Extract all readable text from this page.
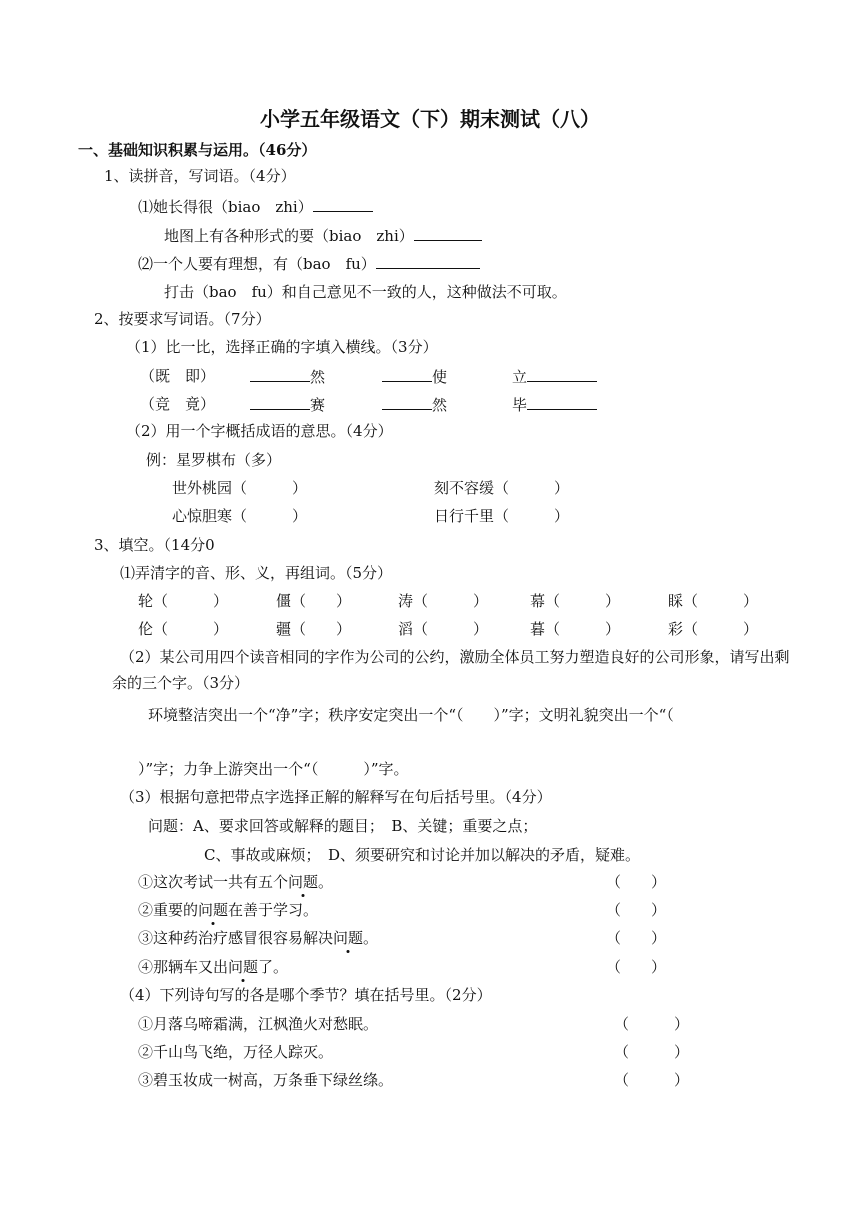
小学五年级语文（下）期末测试（八）
一、基础知识积累与运用。（46分）
1、读拼音，写词语。（4分）
⑴她长得很（biao　zhi）
地图上有各种形式的要（biao　zhi）
⑵一个人要有理想，有（bao　fu）
打击（bao　fu）和自己意见不一致的人，这种做法不可取。
2、按要求写词语。（7分）
（1）比一比，选择正确的字填入横线。（3分）
（既　即）	然	使	立
（竞　竟）	赛	然	毕
（2）用一个字概括成语的意思。（4分）
例：星罗棋布（多）
世外桃园（　　　）	刻不容缓（　　　）
心惊胆寒（　　　）	日行千里（　　　）
3、填空。（14分0
⑴弄清字的音、形、义，再组词。（5分）
轮（　　　）	僵（　　）	涛（　　　）	幕（　　　）	睬（　　　）
伦（　　　）	疆（　　）	滔（　　　）	暮（　　　）	彩（　　　）
（2）某公司用四个读音相同的字作为公司的公约，激励全体员工努力塑造良好的公司形象，请写出剩余的三个字。（3分）
环境整洁突出一个“净”字；秩序安定突出一个“（　　）”字；文明礼貌突出一个“（
）”字；力争上游突出一个“（　　　）”字。
（3）根据句意把带点字选择正解的解释写在句后括号里。（4分）
问题：A、要求回答或解释的题目；　B、关键；重要之点；
C、事故或麻烦；　D、须要研究和讨论并加以解决的矛盾，疑难。
①这次考试一共有五个问题。	（　　）
②重要的问题在善于学习。	（　　）
③这种药治疗感冒很容易解决问题。	（　　）
④那辆车又出问题了。	（　　）
（4）下列诗句写的各是哪个季节？填在括号里。（2分）
①月落乌啼霜满，江枫渔火对愁眠。	（　　　）
②千山鸟飞绝，万径人踪灭。	（　　　）
③碧玉妆成一树高，万条垂下绿丝绦。	（　　　）
